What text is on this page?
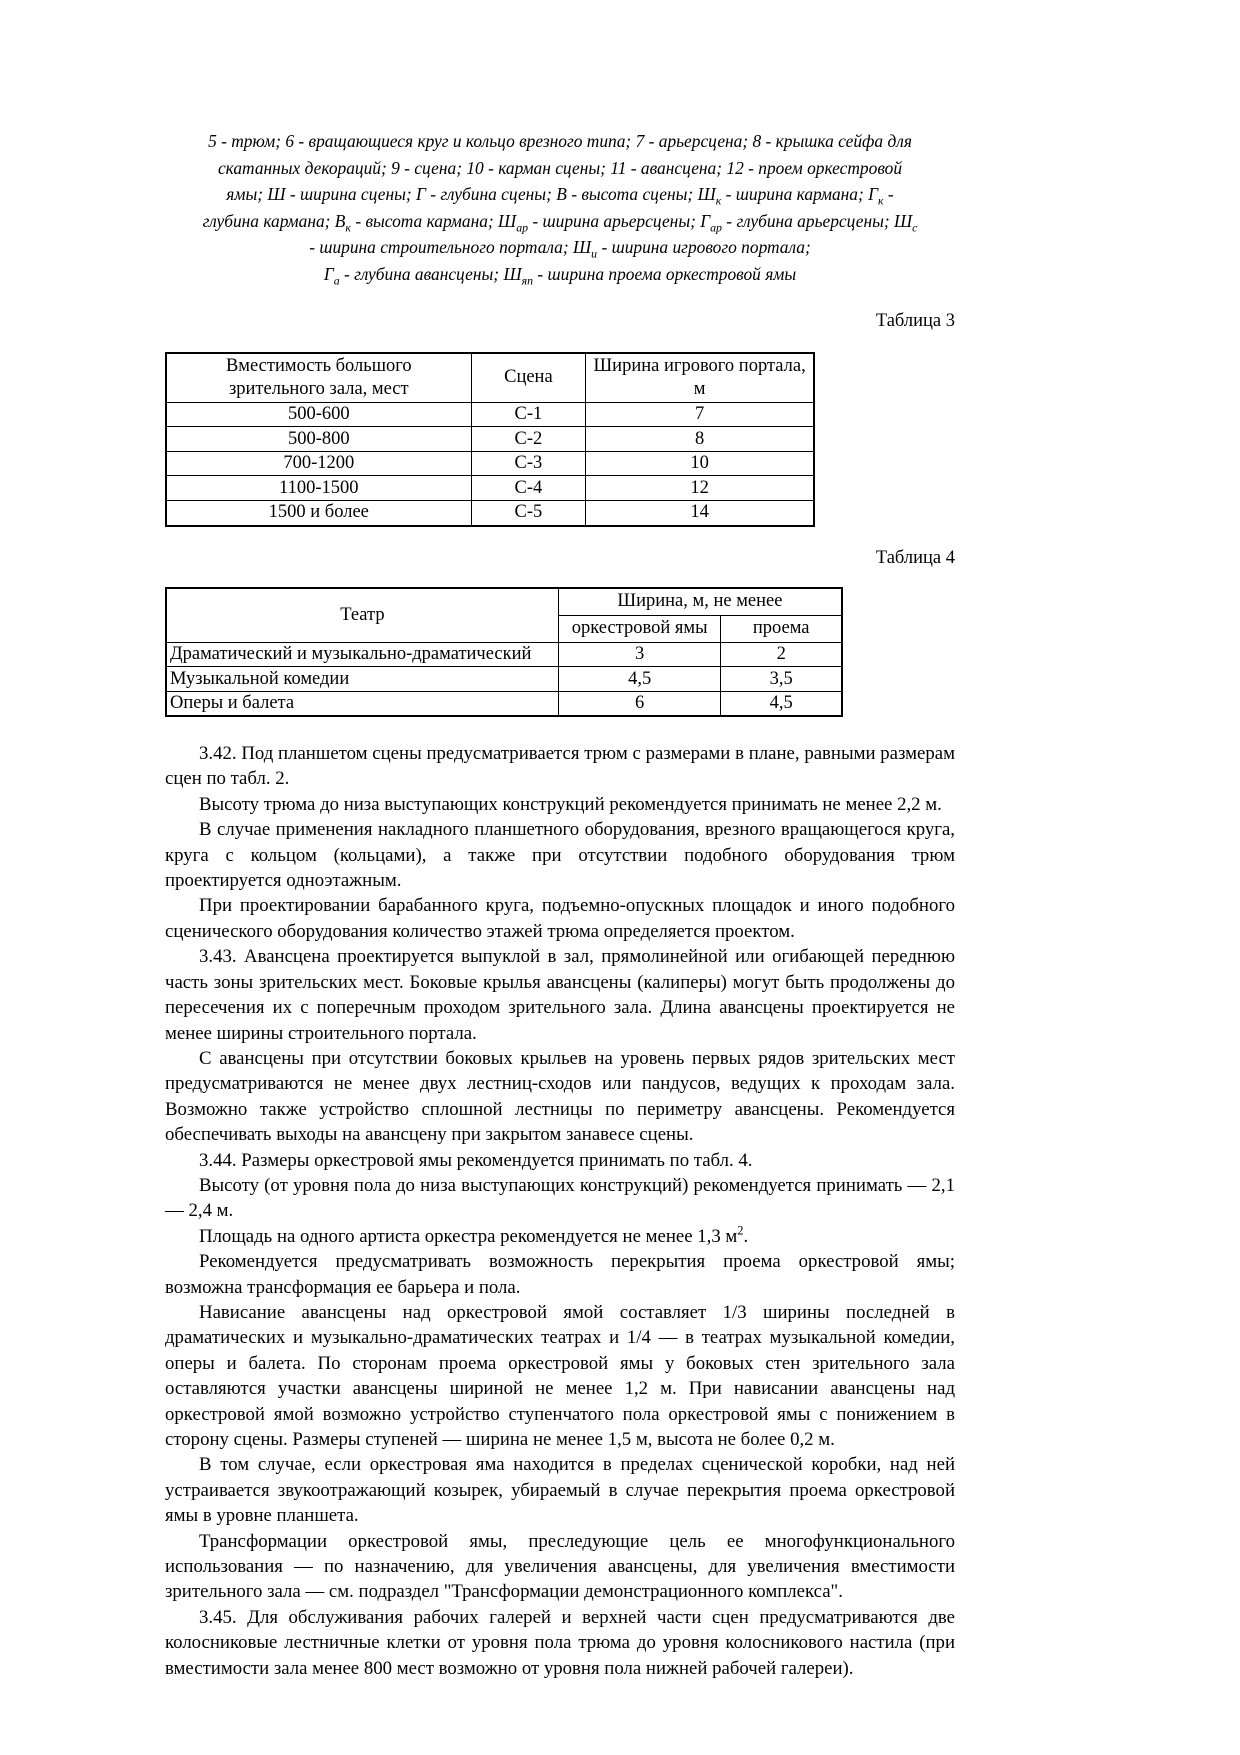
5 - трюм; 6 - вращающиеся круг и кольцо врезного типа; 7 - арьерсцена; 8 - крышка сейфа для
скатанных декораций; 9 - сцена; 10 - карман сцены; 11 - авансцена; 12 - проем оркестровой
ямы; Ш - ширина сцены; Г - глубина сцены; В - высота сцены; $Ш_к$ - ширина кармана; $Г_к$ -
глубина кармана; $В_к$ - высота кармана; $Ш_{ар}$ - ширина арьерсцены; $Г_{ар}$ - глубина арьерсцены; $Ш_с$
- ширина строительного портала; $Ш_и$ - ширина игрового портала;
$Г_а$ - глубина авансцены; $Ш_{яп}$ - ширина проема оркестровой ямы

Таблица 3

Вместимость большого
зрительного зала, мест	Сцена	Ширина игрового портала,
м
500-600	С-1	7
500-800	С-2	8
700-1200	С-3	10
1100-1500	С-4	12
1500 и более	С-5	14

Таблица 4

Театр	Ширина, м, не менее	
	оркестровой ямы	проема
Драматический и музыкально-драматический	3	2
Музыкальной комедии	4,5	3,5
Оперы и балета	6	4,5

3.42. Под планшетом сцены предусматривается трюм с размерами в плане, равными размерам сцен по табл. 2.

Высоту трюма до низа выступающих конструкций рекомендуется принимать не менее 2,2 м.

В случае применения накладного планшетного оборудования, врезного вращающегося круга, круга с кольцом (кольцами), а также при отсутствии подобного оборудования трюм проектируется одноэтажным.

При проектировании барабанного круга, подъемно-опускных площадок и иного подобного сценического оборудования количество этажей трюма определяется проектом.

3.43. Авансцена проектируется выпуклой в зал, прямолинейной или огибающей переднюю часть зоны зрительских мест. Боковые крылья авансцены (калиперы) могут быть продолжены до пересечения их с поперечным проходом зрительного зала. Длина авансцены проектируется не менее ширины строительного портала.

С авансцены при отсутствии боковых крыльев на уровень первых рядов зрительских мест предусматриваются не менее двух лестниц-сходов или пандусов, ведущих к проходам зала. Возможно также устройство сплошной лестницы по периметру авансцены. Рекомендуется обеспечивать выходы на авансцену при закрытом занавесе сцены.

3.44. Размеры оркестровой ямы рекомендуется принимать по табл. 4.

Высоту (от уровня пола до низа выступающих конструкций) рекомендуется принимать — 2,1 — 2,4 м.

Площадь на одного артиста оркестра рекомендуется не менее 1,3 $м^2$.

Рекомендуется предусматривать возможность перекрытия проема оркестровой ямы; возможна трансформация ее барьера и пола.

Нависание авансцены над оркестровой ямой составляет 1/3 ширины последней в драматических и музыкально-драматических театрах и 1/4 — в театрах музыкальной комедии, оперы и балета. По сторонам проема оркестровой ямы у боковых стен зрительного зала оставляются участки авансцены шириной не менее 1,2 м. При нависании авансцены над оркестровой ямой возможно устройство ступенчатого пола оркестровой ямы с понижением в сторону сцены. Размеры ступеней — ширина не менее 1,5 м, высота не более 0,2 м.

В том случае, если оркестровая яма находится в пределах сценической коробки, над ней устраивается звукоотражающий козырек, убираемый в случае перекрытия проема оркестровой ямы в уровне планшета.

Трансформации оркестровой ямы, преследующие цель ее многофункционального использования — по назначению, для увеличения авансцены, для увеличения вместимости зрительного зала — см. подраздел "Трансформации демонстрационного комплекса".

3.45. Для обслуживания рабочих галерей и верхней части сцен предусматриваются две колосниковые лестничные клетки от уровня пола трюма до уровня колосникового настила (при вместимости зала менее 800 мест возможно от уровня пола нижней рабочей галереи).
